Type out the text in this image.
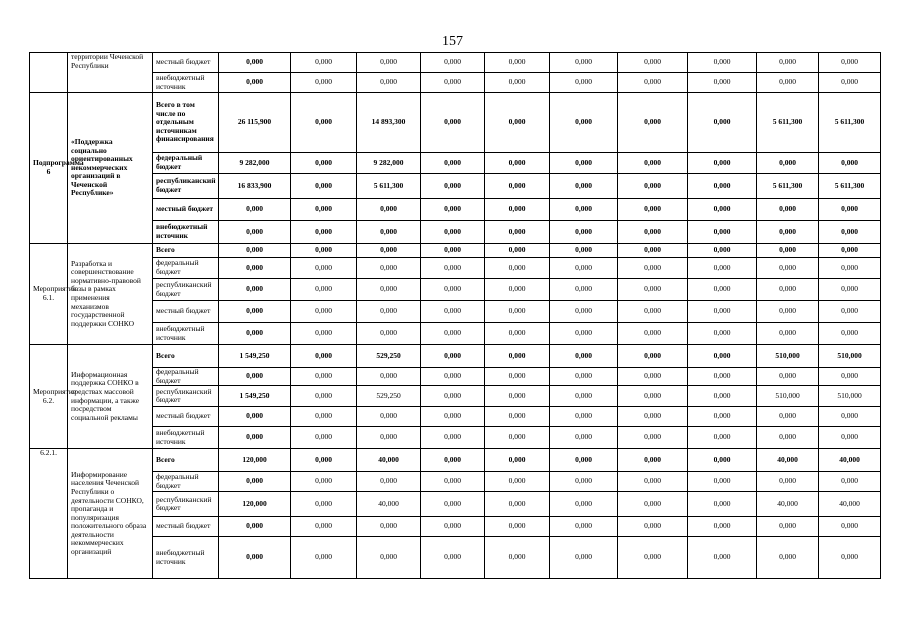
157
	территории Чеченской Республики	местный бюджет	0,000	0,000	0,000	0,000	0,000	0,000	0,000	0,000	0,000	0,000
		внебюджетный источник	0,000	0,000	0,000	0,000	0,000	0,000	0,000	0,000	0,000	0,000
Подпрограмма 6	«Поддержка социально ориентированных некоммерческих организаций в Чеченской Республике»	Всего в том числе по отдельным источникам финансирования	26 115,900	0,000	14 893,300	0,000	0,000	0,000	0,000	0,000	5 611,300	5 611,300
		федеральный бюджет	9 282,000	0,000	9 282,000	0,000	0,000	0,000	0,000	0,000	0,000	0,000
		республиканский бюджет	16 833,900	0,000	5 611,300	0,000	0,000	0,000	0,000	0,000	5 611,300	5 611,300
		местный бюджет	0,000	0,000	0,000	0,000	0,000	0,000	0,000	0,000	0,000	0,000
		внебюджетный источник	0,000	0,000	0,000	0,000	0,000	0,000	0,000	0,000	0,000	0,000
Мероприятие 6.1.	Разработка и совершенствование нормативно-правовой базы в рамках применения механизмов государственной поддержки СОНКО	Всего	0,000	0,000	0,000	0,000	0,000	0,000	0,000	0,000	0,000	0,000
		федеральный бюджет	0,000	0,000	0,000	0,000	0,000	0,000	0,000	0,000	0,000	0,000
		республиканский бюджет	0,000	0,000	0,000	0,000	0,000	0,000	0,000	0,000	0,000	0,000
		местный бюджет	0,000	0,000	0,000	0,000	0,000	0,000	0,000	0,000	0,000	0,000
		внебюджетный источник	0,000	0,000	0,000	0,000	0,000	0,000	0,000	0,000	0,000	0,000
Мероприятие 6.2.	Информационная поддержка СОНКО в средствах массовой информации, а также посредством социальной рекламы	Всего	1 549,250	0,000	529,250	0,000	0,000	0,000	0,000	0,000	510,000	510,000
		федеральный бюджет	0,000	0,000	0,000	0,000	0,000	0,000	0,000	0,000	0,000	0,000
		республиканский бюджет	1 549,250	0,000	529,250	0,000	0,000	0,000	0,000	0,000	510,000	510,000
		местный бюджет	0,000	0,000	0,000	0,000	0,000	0,000	0,000	0,000	0,000	0,000
		внебюджетный источник	0,000	0,000	0,000	0,000	0,000	0,000	0,000	0,000	0,000	0,000
6.2.1.	Информирование населения Чеченской Республики о деятельности СОНКО, пропаганда и популяризация положительного образа деятельности некоммерческих организаций	Всего	120,000	0,000	40,000	0,000	0,000	0,000	0,000	0,000	40,000	40,000
		федеральный бюджет	0,000	0,000	0,000	0,000	0,000	0,000	0,000	0,000	0,000	0,000
		республиканский бюджет	120,000	0,000	40,000	0,000	0,000	0,000	0,000	0,000	40,000	40,000
		местный бюджет	0,000	0,000	0,000	0,000	0,000	0,000	0,000	0,000	0,000	0,000
		внебюджетный источник	0,000	0,000	0,000	0,000	0,000	0,000	0,000	0,000	0,000	0,000
